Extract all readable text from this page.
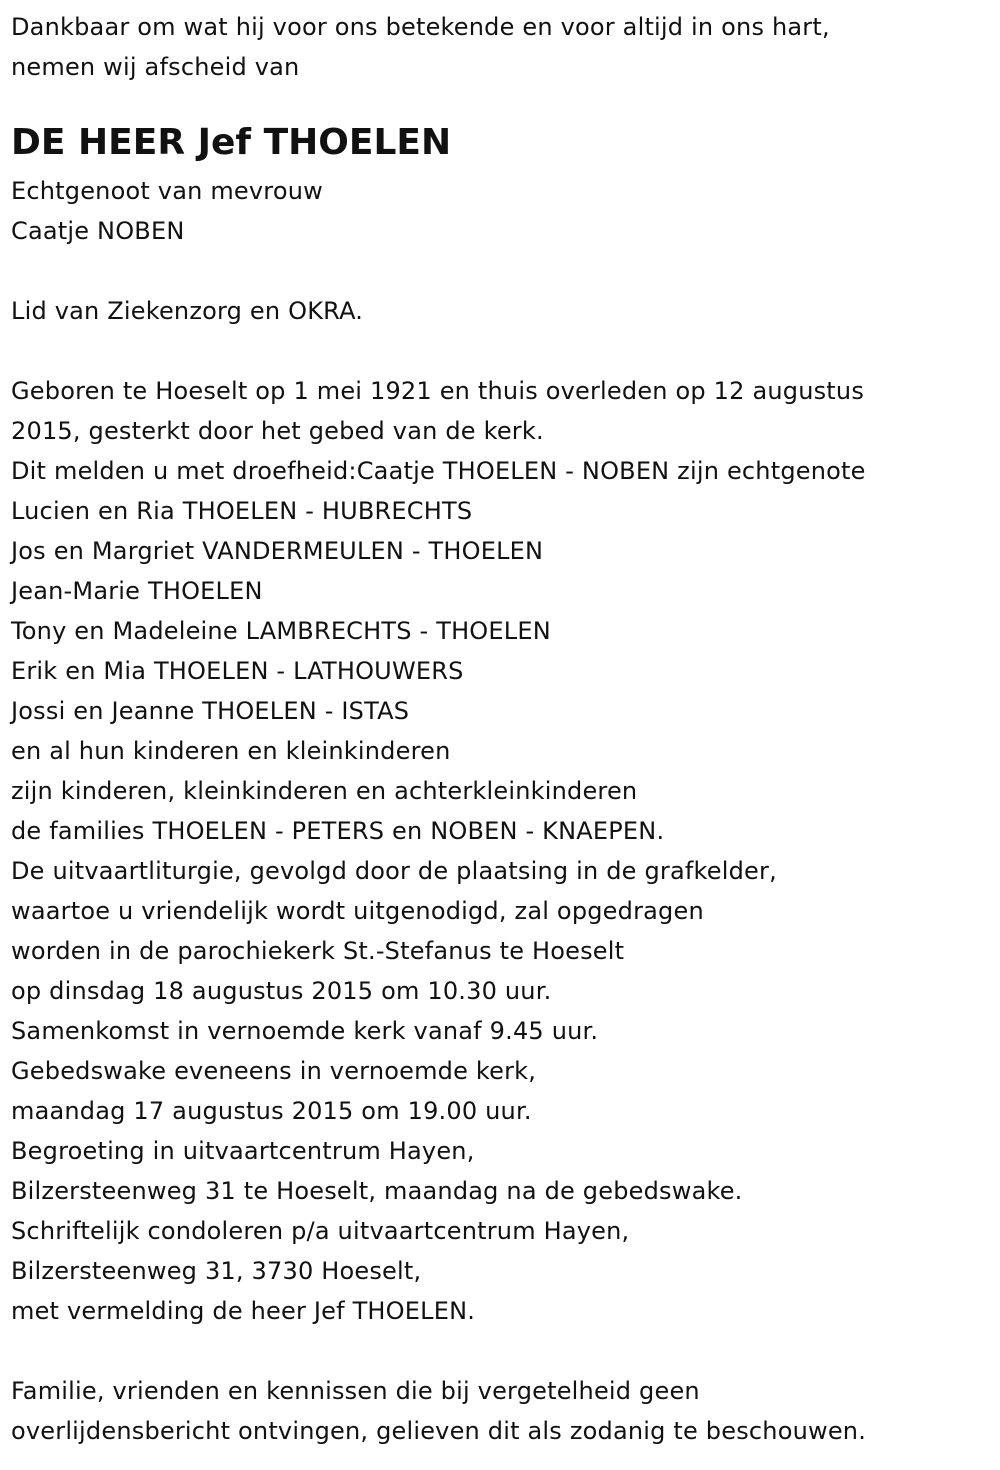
Dankbaar om wat hij voor ons betekende en voor altijd in ons hart,
nemen wij afscheid van
DE HEER Jef THOELEN
Echtgenoot van mevrouw
Caatje NOBEN
Lid van Ziekenzorg en OKRA.
Geboren te Hoeselt op 1 mei 1921 en thuis overleden op 12 augustus
2015, gesterkt door het gebed van de kerk.
Dit melden u met droefheid:Caatje THOELEN - NOBEN zijn echtgenote
Lucien en Ria THOELEN - HUBRECHTS
Jos en Margriet VANDERMEULEN - THOELEN
Jean-Marie THOELEN
Tony en Madeleine LAMBRECHTS - THOELEN
Erik en Mia THOELEN - LATHOUWERS
Jossi en Jeanne THOELEN - ISTAS
en al hun kinderen en kleinkinderen
zijn kinderen, kleinkinderen en achterkleinkinderen
de families THOELEN - PETERS en NOBEN - KNAEPEN.
De uitvaartliturgie, gevolgd door de plaatsing in de grafkelder,
waartoe u vriendelijk wordt uitgenodigd, zal opgedragen
worden in de parochiekerk St.-Stefanus te Hoeselt
op dinsdag 18 augustus 2015 om 10.30 uur.
Samenkomst in vernoemde kerk vanaf 9.45 uur.
Gebedswake eveneens in vernoemde kerk,
maandag 17 augustus 2015 om 19.00 uur.
Begroeting in uitvaartcentrum Hayen,
Bilzersteenweg 31 te Hoeselt, maandag na de gebedswake.
Schriftelijk condoleren p/a uitvaartcentrum Hayen,
Bilzersteenweg 31, 3730 Hoeselt,
met vermelding de heer Jef THOELEN.
Familie, vrienden en kennissen die bij vergetelheid geen
overlijdensbericht ontvingen, gelieven dit als zodanig te beschouwen.
